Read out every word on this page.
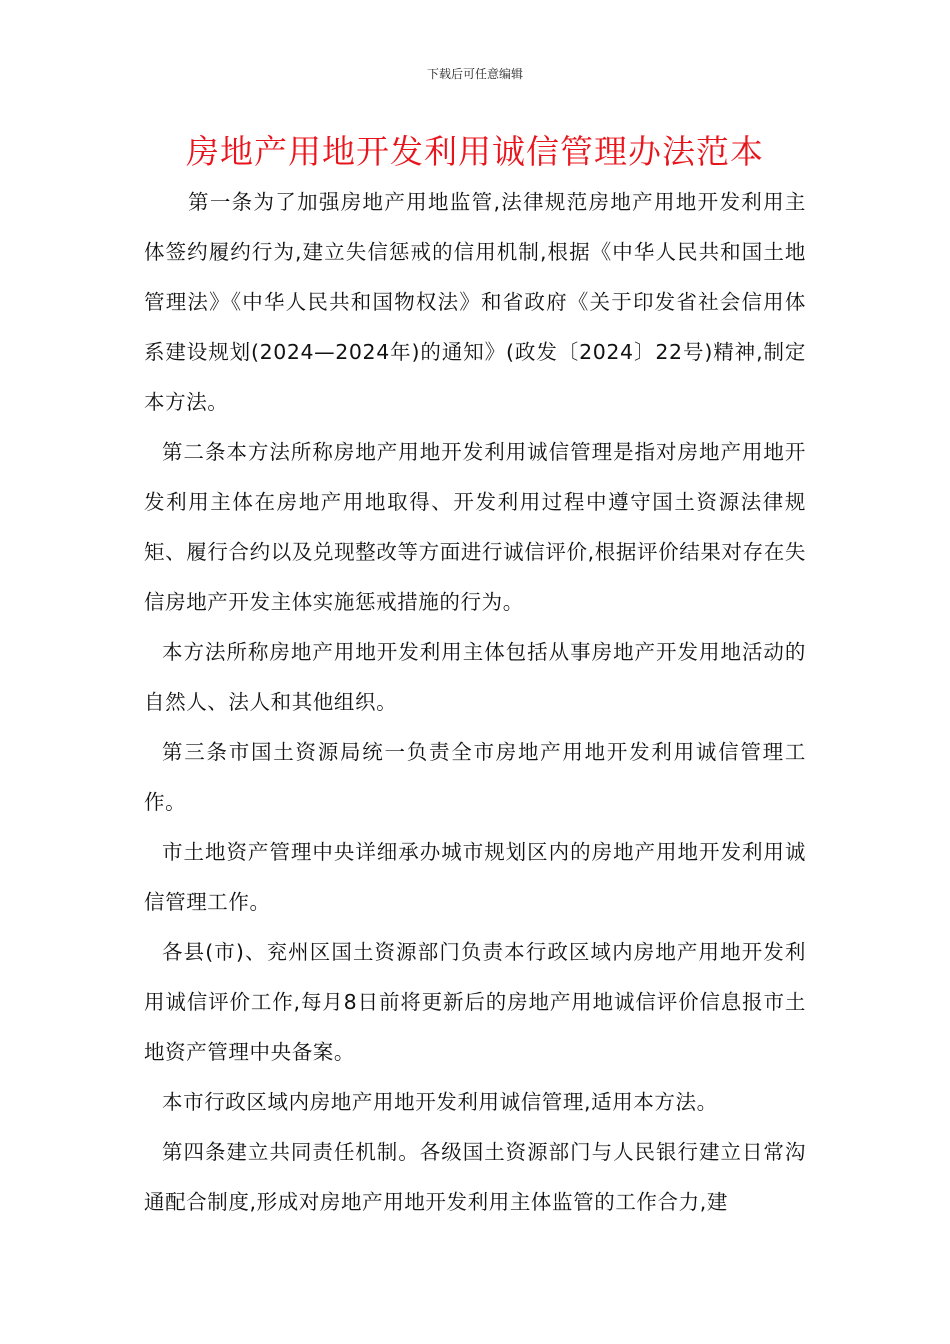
下载后可任意编辑
房地产用地开发利用诚信管理办法范本

第一条为了加强房地产用地监管,法律规范房地产用地开发利用主体签约履约行为,建立失信惩戒的信用机制,根据《中华人民共和国土地管理法》《中华人民共和国物权法》和省政府《关于印发省社会信用体系建设规划(2024—2024年)的通知》(政发〔2024〕22号)精神,制定本方法。

第二条本方法所称房地产用地开发利用诚信管理是指对房地产用地开发利用主体在房地产用地取得、开发利用过程中遵守国土资源法律规矩、履行合约以及兑现整改等方面进行诚信评价,根据评价结果对存在失信房地产开发主体实施惩戒措施的行为。

本方法所称房地产用地开发利用主体包括从事房地产开发用地活动的自然人、法人和其他组织。

第三条市国土资源局统一负责全市房地产用地开发利用诚信管理工作。

市土地资产管理中央详细承办城市规划区内的房地产用地开发利用诚信管理工作。

各县(市)、兖州区国土资源部门负责本行政区域内房地产用地开发利用诚信评价工作,每月8日前将更新后的房地产用地诚信评价信息报市土地资产管理中央备案。

本市行政区域内房地产用地开发利用诚信管理,适用本方法。

第四条建立共同责任机制。各级国土资源部门与人民银行建立日常沟通配合制度,形成对房地产用地开发利用主体监管的工作合力,建
